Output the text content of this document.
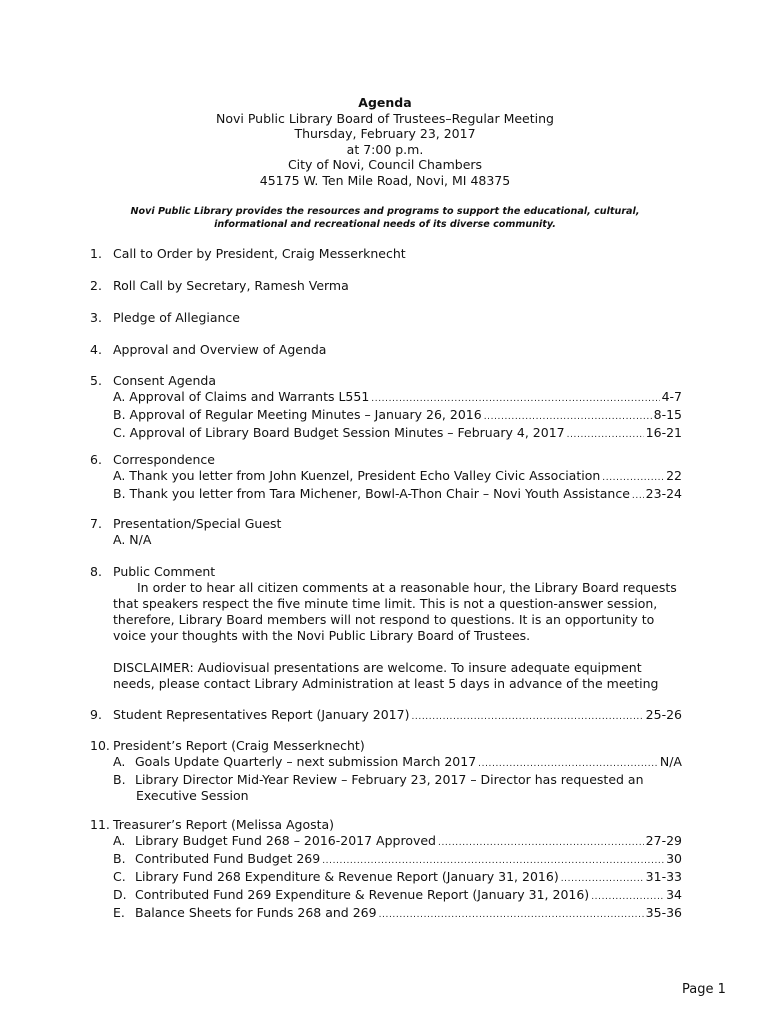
Agenda
Novi Public Library Board of Trustees–Regular Meeting
Thursday, February 23, 2017
at 7:00 p.m.
City of Novi, Council Chambers
45175 W. Ten Mile Road, Novi, MI 48375
Novi Public Library provides the resources and programs to support the educational, cultural, informational and recreational needs of its diverse community.
1. Call to Order by President, Craig Messerknecht
2. Roll Call by Secretary, Ramesh Verma
3. Pledge of Allegiance
4. Approval and Overview of Agenda
5. Consent Agenda
A. Approval of Claims and Warrants L551 .....	4-7
B. Approval of Regular Meeting Minutes – January 26, 2016 .....	8-15
C. Approval of Library Board Budget Session Minutes – February 4, 2017 .....	16-21
6. Correspondence
A. Thank you letter from John Kuenzel, President Echo Valley Civic Association .....	22
B. Thank you letter from Tara Michener, Bowl-A-Thon Chair – Novi Youth Assistance ..... 23-24
7. Presentation/Special Guest
A. N/A
8. Public Comment
In order to hear all citizen comments at a reasonable hour, the Library Board requests that speakers respect the five minute time limit. This is not a question-answer session, therefore, Library Board members will not respond to questions. It is an opportunity to voice your thoughts with the Novi Public Library Board of Trustees.
DISCLAIMER: Audiovisual presentations are welcome. To insure adequate equipment needs, please contact Library Administration at least 5 days in advance of the meeting
9. Student Representatives Report (January 2017) .....	25-26
10. President’s Report (Craig Messerknecht)
A. Goals Update Quarterly – next submission March 2017 .....	N/A
B. Library Director Mid-Year Review – February 23, 2017 – Director has requested an
Executive Session
11. Treasurer’s Report (Melissa Agosta)
A. Library Budget Fund 268 – 2016-2017 Approved .....	27-29
B. Contributed Fund Budget 269 .....	30
C. Library Fund 268 Expenditure & Revenue Report (January 31, 2016) .....	31-33
D. Contributed Fund 269 Expenditure & Revenue Report (January 31, 2016) .....	34
E. Balance Sheets for Funds 268 and 269 .....	35-36
Page 1
